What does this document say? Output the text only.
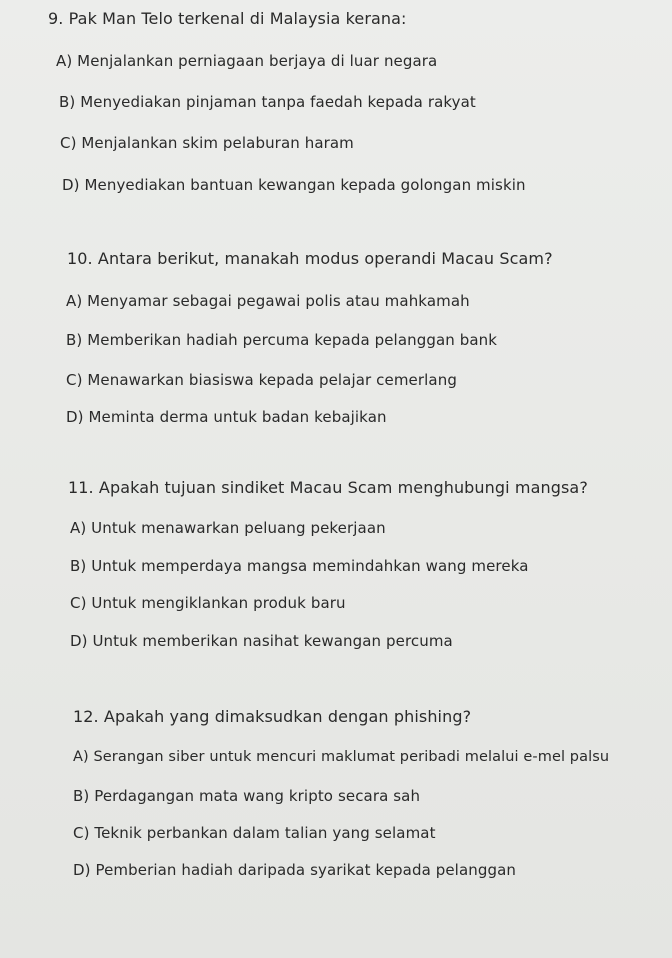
9. Pak Man Telo terkenal di Malaysia kerana:
A) Menjalankan perniagaan berjaya di luar negara
B) Menyediakan pinjaman tanpa faedah kepada rakyat
C) Menjalankan skim pelaburan haram
D) Menyediakan bantuan kewangan kepada golongan miskin
10. Antara berikut, manakah modus operandi Macau Scam?
A) Menyamar sebagai pegawai polis atau mahkamah
B) Memberikan hadiah percuma kepada pelanggan bank
C) Menawarkan biasiswa kepada pelajar cemerlang
D) Meminta derma untuk badan kebajikan
11. Apakah tujuan sindiket Macau Scam menghubungi mangsa?
A) Untuk menawarkan peluang pekerjaan
B) Untuk memperdaya mangsa memindahkan wang mereka
C) Untuk mengiklankan produk baru
D) Untuk memberikan nasihat kewangan percuma
12. Apakah yang dimaksudkan dengan phishing?
A) Serangan siber untuk mencuri maklumat peribadi melalui e-mel palsu
B) Perdagangan mata wang kripto secara sah
C) Teknik perbankan dalam talian yang selamat
D) Pemberian hadiah daripada syarikat kepada pelanggan
